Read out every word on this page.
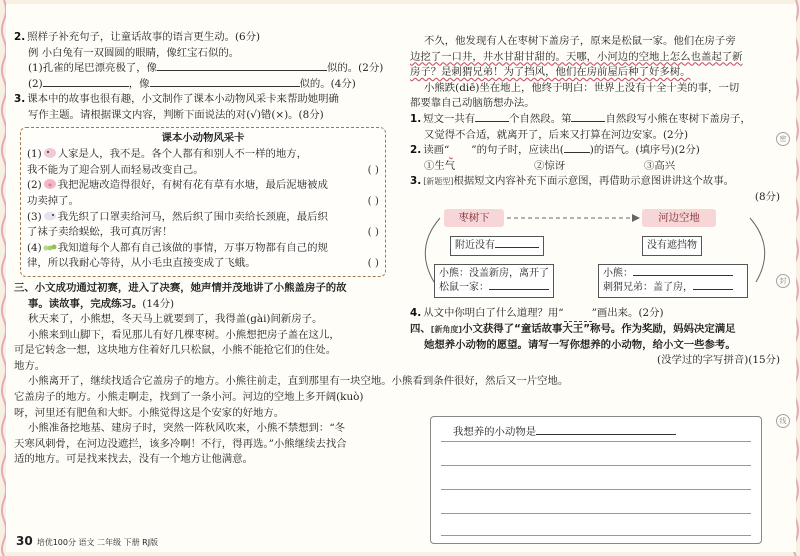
2. 照样子补充句子，让童话故事的语言更生动。(6分)
例 小白兔有一双圆圆的眼睛，像红宝石似的。
(1)孔雀的尾巴漂亮极了，像	似的。(2分)
(2)	，像	似的。(4分)
3. 课本中的故事也很有趣，小文制作了课本小动物风采卡来帮助她明确
写作主题。请根据课文内容，判断下面说法的对(√)错(×)。(8分)
课本小动物风采卡
(1) 人家是人，我不是。各个人都有和别人不一样的地方，
我不能为了迎合别人而轻易改变自己。	( )
(2) 我把泥塘改造得很好，有树有花有草有水塘，最后泥塘被成
功卖掉了。	( )
(3) 我先织了口罩卖给河马，然后织了围巾卖给长颈鹿，最后织
了袜子卖给蜈蚣，我可真厉害！	( )
(4) 我知道每个人都有自己该做的事情，万事万物都有自己的规
律，所以我耐心等待，从小毛虫直接变成了飞蛾。	( )
三、小文成功通过初赛，进入了决赛，她声情并茂地讲了小熊盖房子的故
事。读故事，完成练习。(14分)
秋天来了，小熊想，冬天马上就要到了，我得盖(gài)间新房子。
小熊来到山脚下，看见那儿有好几棵枣树。小熊想把房子盖在这儿，
可是它转念一想，这块地方住着好几只松鼠，小熊不能抢它们的住处。
地方。
小熊离开了，继续找适合它盖房子的地方。小熊往前走，直到那里有一块空地。小熊看到条件很好，然后又一片空地。
它盖房子的地方。小熊走啊走，找到了一条小河。河边的空地上多开阔(kuò)
呀，河里还有肥鱼和大虾。小熊觉得这是个安家的好地方。
小熊准备挖地基、建房子时，突然一阵秋风吹来，小熊不禁想到：“冬
天寒风刺骨，在河边没遮拦，该多冷啊！不行，得再选。”小熊继续去找合
适的地方。可是找来找去，没有一个地方让他满意。
不久，他发现有人在枣树下盖房子，原来是松鼠一家。他们在房子旁
边挖了一口井，井水甘甜甘甜的。天哪，小河边的空地上怎么也盖起了新
房子？是刺猬兄弟！为了挡风，他们在房前屋后种了好多树。
小熊跌(diē)坐在地上，他终于明白：世界上没有十全十美的事，一切
都要靠自己动脑筋想办法。
1. 短文一共有	个自然段。第	自然段写小熊在枣树下盖房子，
又觉得不合适，就离开了，后来又打算在河边安家。(2分)
2. 读画“ ”的句子时，应读出(	)的语气。(填序号)(2分)
①生气	②惊讶	③高兴
3. [新题型]根据短文内容补充下面示意图，再借助示意图讲讲这个故事。
(8分)
枣树下	河边空地
附近没有	没有遮挡物
小熊：没盖新房，离开了
松鼠一家：
小熊：
刺猬兄弟：盖了房，
4. 从文中你明白了什么道理？用“	”画出来。(2分)
四、[新角度]小文获得了“童话故事大王”称号。作为奖励，妈妈决定满足
她想养小动物的愿望。请写一写你想养的小动物，给小文一些参考。
(没学过的字写拼音)(15分)
我想养的小动物是
30 培优100分 语文 二年级 下册 RJ版
密
封
线
